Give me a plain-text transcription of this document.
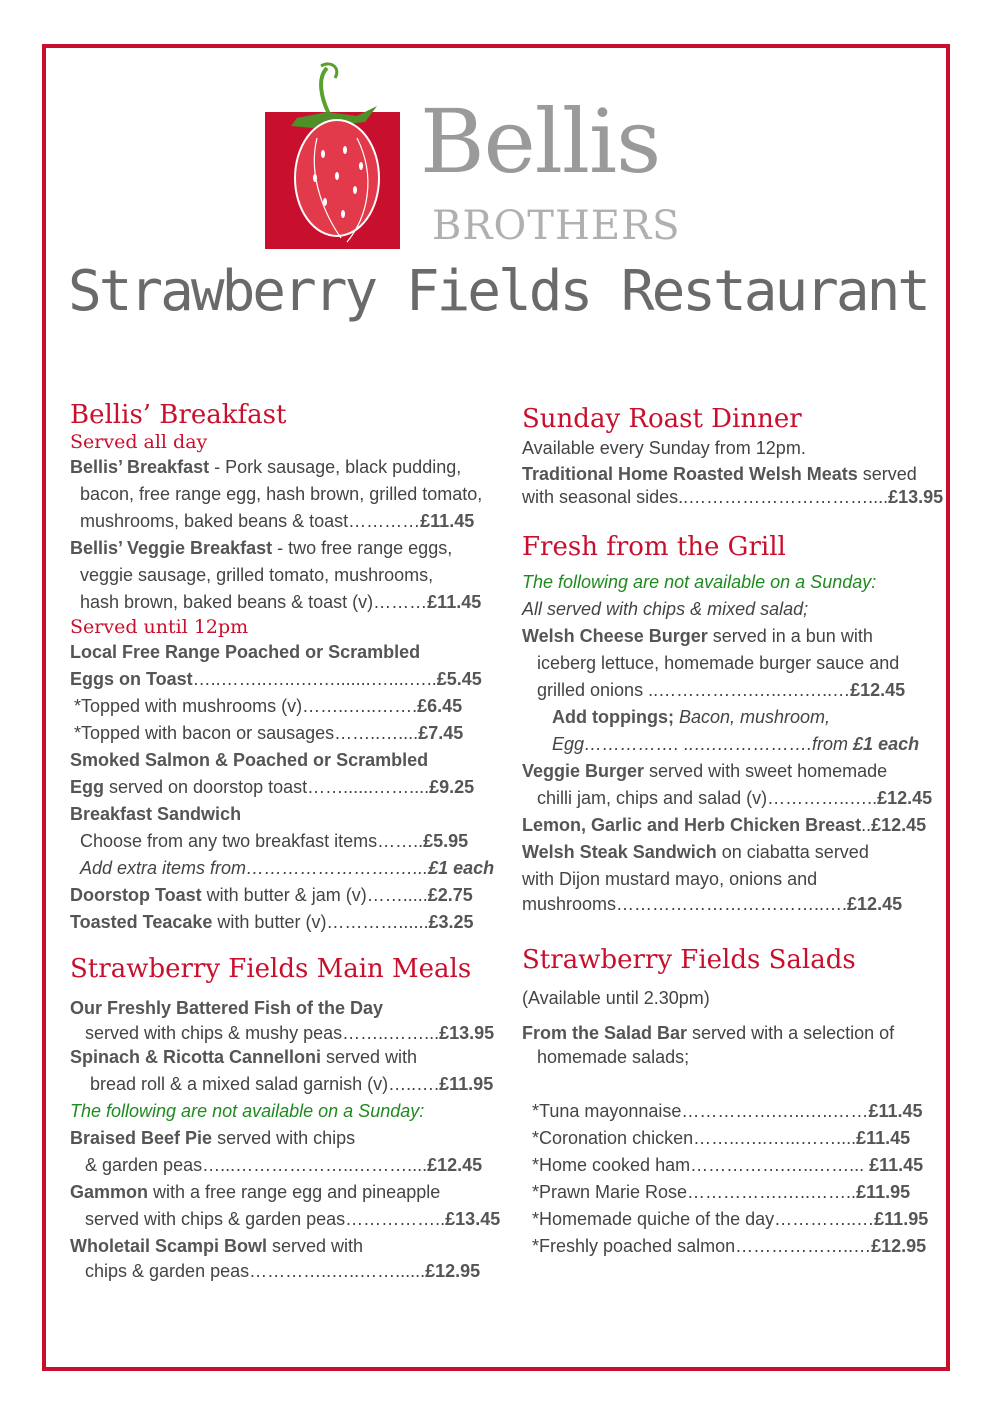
Bellis
BROTHERS
Strawberry Fields Restaurant
Bellis’ Breakfast
Served all day
Bellis’ Breakfast - Pork sausage, black pudding,
bacon, free range egg, hash brown, grilled tomato,
mushrooms, baked beans & toast…………£11.45
Bellis’ Veggie Breakfast - two free range eggs,
veggie sausage, grilled tomato, mushrooms,
hash brown, baked beans & toast (v)………£11.45
Served until 12pm
Local Free Range Poached or Scrambled
Eggs on Toast…..……..…..….….......…....…..£5.45
*Topped with mushrooms (v)……..…..…….£6.45
*Topped with bacon or sausages……..…....£7.45
Smoked Salmon & Poached or Scrambled
Egg served on doorstop toast……......……....£9.25
Breakfast Sandwich
Choose from any two breakfast items……..£5.95
Add extra items from…………………….…...£1 each
Doorstop Toast with butter & jam (v)…….....£2.75
Toasted Teacake with butter (v)…………......£3.25
Strawberry Fields Main Meals
Our Freshly Battered Fish of the Day
served with chips & mushy peas……..……...£13.95
Spinach & Ricotta Cannelloni served with
bread roll & a mixed salad garnish (v)…..….£11.95
The following are not available on a Sunday:
Braised Beef Pie served with chips
& garden peas…...………………..………....£12.45
Gammon with a free range egg and pineapple
served with chips & garden peas……………..£13.45
Wholetail Scampi Bowl served with
chips & garden peas…………..…..……......£12.95
Sunday Roast Dinner
Available every Sunday from 12pm.
Traditional Home Roasted Welsh Meats served
with seasonal sides..…………………………....£13.95
Fresh from the Grill
The following are not available on a Sunday:
All served with chips & mixed salad;
Welsh Cheese Burger served in a bun with
iceberg lettuce, homemade burger sauce and
grilled onions ..…………….…..….…..…£12.45
Add toppings; Bacon, mushroom,
Egg……………. ..….…………….from £1 each
Veggie Burger served with sweet homemade
chilli jam, chips and salad (v)…………..…..£12.45
Lemon, Garlic and Herb Chicken Breast..£12.45
Welsh Steak Sandwich on ciabatta served
with Dijon mustard mayo, onions and
mushrooms……………………………..….£12.45
Strawberry Fields Salads
(Available until 2.30pm)
From the Salad Bar served with a selection of
homemade salads;
*Tuna mayonnaise…………….…..…..……£11.45
*Coronation chicken……..…..…...……....£11.45
*Home cooked ham…………….…..……... £11.45
*Prawn Marie Rose…………….…..……..£11.95
*Homemade quiche of the day…………..…£11.95
*Freshly poached salmon………………..…£12.95
